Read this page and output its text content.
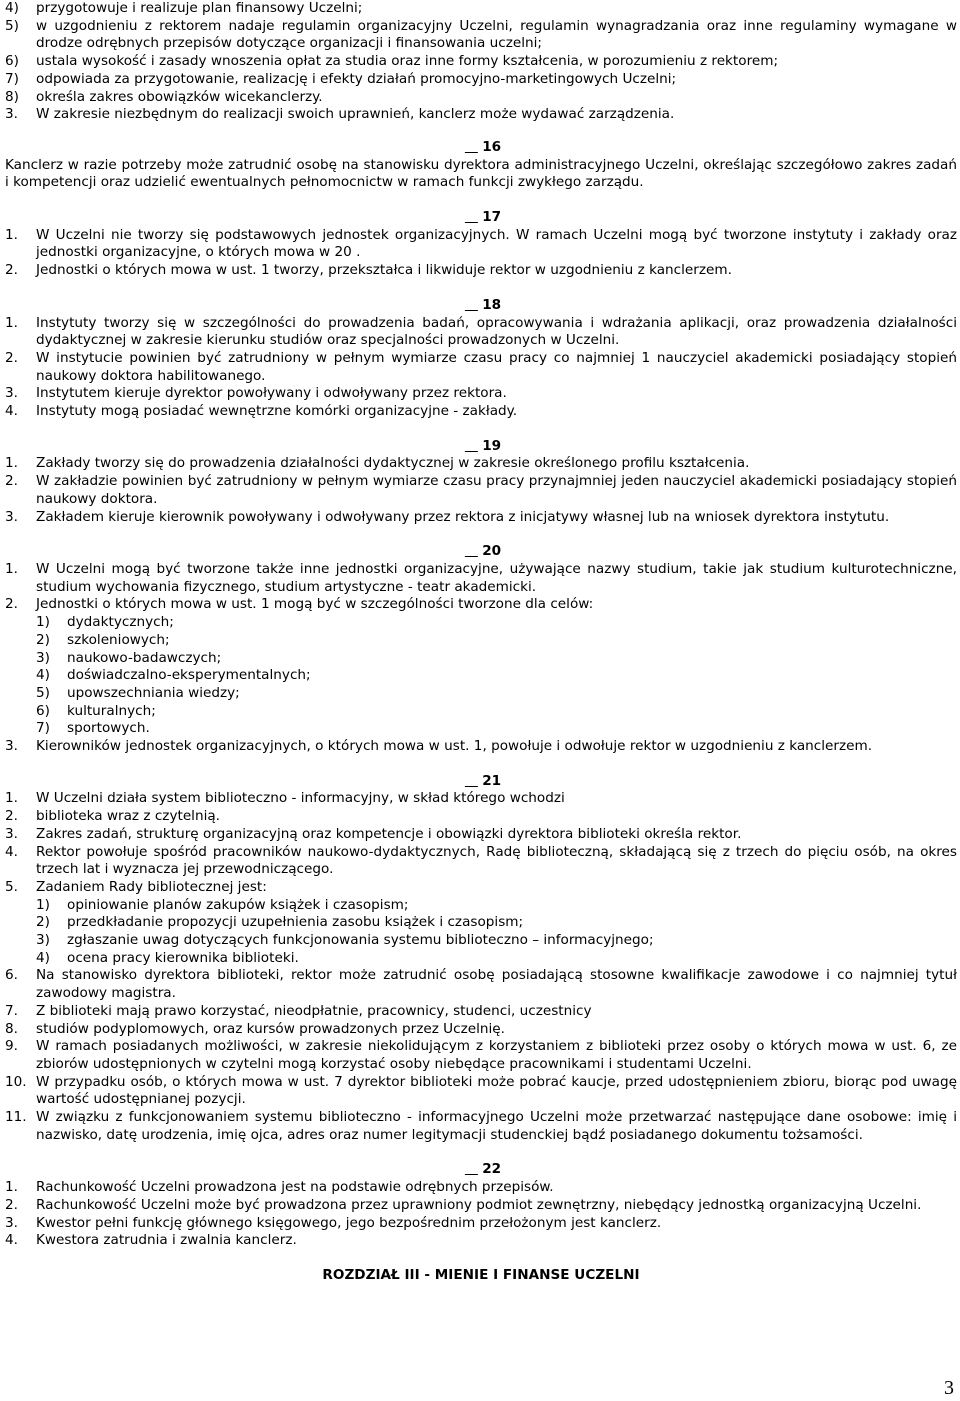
4)	przygotowuje i realizuje plan finansowy Uczelni;
5)	w uzgodnieniu z rektorem nadaje regulamin organizacyjny Uczelni, regulamin wynagradzania oraz inne regulaminy wymagane w drodze odrębnych przepisów dotyczące organizacji i finansowania uczelni;
6)	ustala wysokość i zasady wnoszenia opłat za studia oraz inne formy kształcenia, w porozumieniu z rektorem;
7)	odpowiada za przygotowanie, realizację i efekty działań promocyjno-marketingowych Uczelni;
8)	określa zakres obowiązków wicekanclerzy.
3.	W zakresie niezbędnym do realizacji swoich uprawnień, kanclerz może wydawać zarządzenia.
16
Kanclerz w razie potrzeby może zatrudnić osobę na stanowisku dyrektora administracyjnego Uczelni, określając szczegółowo zakres zadań i kompetencji oraz udzielić ewentualnych pełnomocnictw w ramach funkcji zwykłego zarządu.
17
1.	W Uczelni nie tworzy się podstawowych jednostek organizacyjnych. W ramach Uczelni mogą być tworzone instytuty i zakłady oraz jednostki organizacyjne, o których mowa w 20 .
2.	Jednostki o których mowa w ust. 1 tworzy, przekształca i likwiduje rektor w uzgodnieniu z kanclerzem.
18
1.	Instytuty tworzy się w szczególności do prowadzenia badań, opracowywania i wdrażania aplikacji, oraz prowadzenia działalności dydaktycznej w zakresie kierunku studiów oraz specjalności prowadzonych w Uczelni.
2.	W instytucie powinien być zatrudniony w pełnym wymiarze czasu pracy co najmniej 1 nauczyciel akademicki posiadający stopień naukowy doktora habilitowanego.
3.	Instytutem kieruje dyrektor powoływany i odwoływany przez rektora.
4.	Instytuty mogą posiadać wewnętrzne komórki organizacyjne - zakłady.
19
1.	Zakłady tworzy się do prowadzenia działalności dydaktycznej w zakresie określonego profilu kształcenia.
2.	W zakładzie powinien być zatrudniony w pełnym wymiarze czasu pracy przynajmniej jeden nauczyciel akademicki posiadający stopień naukowy doktora.
3.	Zakładem kieruje kierownik powoływany i odwoływany przez rektora z inicjatywy własnej lub na wniosek dyrektora instytutu.
20
1.	W Uczelni mogą być tworzone także inne jednostki organizacyjne, używające nazwy studium, takie jak studium kulturotechniczne, studium wychowania fizycznego, studium artystyczne - teatr akademicki.
2.	Jednostki o których mowa w ust. 1 mogą być w szczególności tworzone dla celów:
1)	dydaktycznych;
2)	szkoleniowych;
3)	naukowo-badawczych;
4)	doświadczalno-eksperymentalnych;
5)	upowszechniania wiedzy;
6)	kulturalnych;
7)	sportowych.
3.	Kierowników jednostek organizacyjnych, o których mowa w ust. 1, powołuje i odwołuje rektor w uzgodnieniu z kanclerzem.
21
1.	W Uczelni działa system biblioteczno - informacyjny, w skład którego wchodzi
2.	biblioteka wraz z czytelnią.
3.	Zakres zadań, strukturę organizacyjną oraz kompetencje i obowiązki dyrektora biblioteki określa rektor.
4.	Rektor powołuje spośród pracowników naukowo-dydaktycznych, Radę biblioteczną, składającą się z trzech do pięciu osób, na okres trzech lat i wyznacza jej przewodniczącego.
5.	Zadaniem Rady bibliotecznej jest:
1)	opiniowanie planów zakupów książek i czasopism;
2)	przedkładanie propozycji uzupełnienia zasobu książek i czasopism;
3)	zgłaszanie uwag dotyczących funkcjonowania systemu biblioteczno – informacyjnego;
4)	ocena pracy kierownika biblioteki.
6.	Na stanowisko dyrektora biblioteki, rektor może zatrudnić osobę posiadającą stosowne kwalifikacje zawodowe i co najmniej tytuł zawodowy magistra.
7.	Z biblioteki mają prawo korzystać, nieodpłatnie, pracownicy, studenci, uczestnicy
8.	studiów podyplomowych, oraz kursów prowadzonych przez Uczelnię.
9.	W ramach posiadanych możliwości, w zakresie niekolidującym z korzystaniem z biblioteki przez osoby o których mowa w ust. 6, ze zbiorów udostępnionych w czytelni mogą korzystać osoby niebędące pracownikami i studentami Uczelni.
10. W przypadku osób, o których mowa w ust. 7 dyrektor biblioteki może pobrać kaucje, przed udostępnieniem zbioru, biorąc pod uwagę wartość udostępnianej pozycji.
11. W związku z funkcjonowaniem systemu biblioteczno - informacyjnego Uczelni może przetwarzać następujące dane osobowe: imię i nazwisko, datę urodzenia, imię ojca, adres oraz numer legitymacji studenckiej bądź posiadanego dokumentu tożsamości.
22
1.	Rachunkowość Uczelni prowadzona jest na podstawie odrębnych przepisów.
2.	Rachunkowość Uczelni może być prowadzona przez uprawniony podmiot zewnętrzny, niebędący jednostką organizacyjną Uczelni.
3.	Kwestor pełni funkcję głównego księgowego, jego bezpośrednim przełożonym jest kanclerz.
4.	Kwestora zatrudnia i zwalnia kanclerz.
ROZDZIAŁ III - MIENIE I FINANSE UCZELNI
3
